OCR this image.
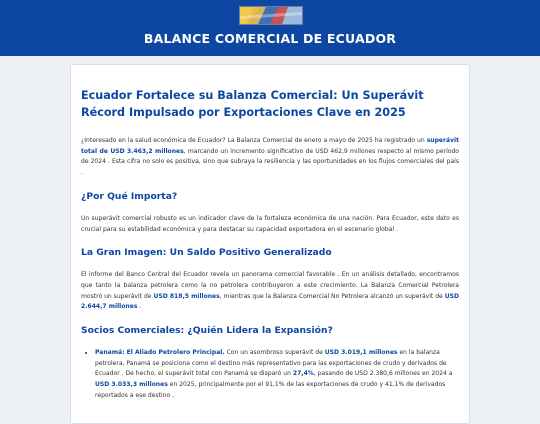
BALANCE COMERCIAL DE ECUADOR
Ecuador Fortalece su Balanza Comercial: Un Superávit Récord Impulsado por Exportaciones Clave en 2025

¿Interesado en la salud económica de Ecuador? La Balanza Comercial de enero a mayo de 2025 ha registrado un superávit total de USD 3.463,2 millones, marcando un incremento significativo de USD 462,9 millones respecto al mismo período de 2024 . Esta cifra no solo es positiva, sino que subraya la resiliencia y las oportunidades en los flujos comerciales del país .

¿Por Qué Importa?

Un superávit comercial robusto es un indicador clave de la fortaleza económica de una nación. Para Ecuador, este dato es crucial para su estabilidad económica y para destacar su capacidad exportadora en el escenario global .

La Gran Imagen: Un Saldo Positivo Generalizado

El informe del Banco Central del Ecuador revela un panorama comercial favorable . En un análisis detallado, encontramos que tanto la balanza petrolera como la no petrolera contribuyeron a este crecimiento. La Balanza Comercial Petrolera mostró un superávit de USD 818,5 millones, mientras que la Balanza Comercial No Petrolera alcanzó un superávit de USD 2.644,7 millones .

Socios Comerciales: ¿Quién Lidera la Expansión?
• Panamá: El Aliado Petrolero Principal. Con un asombroso superávit de USD 3.019,1 millones en la balanza petrolera, Panamá se posiciona como el destino más representativo para las exportaciones de crudo y derivados de Ecuador . De hecho, el superávit total con Panamá se disparó un 27,4%, pasando de USD 2.380,6 millones en 2024 a USD 3.033,3 millones en 2025, principalmente por el 91,1% de las exportaciones de crudo y 41,1% de derivados reportados a ese destino .
